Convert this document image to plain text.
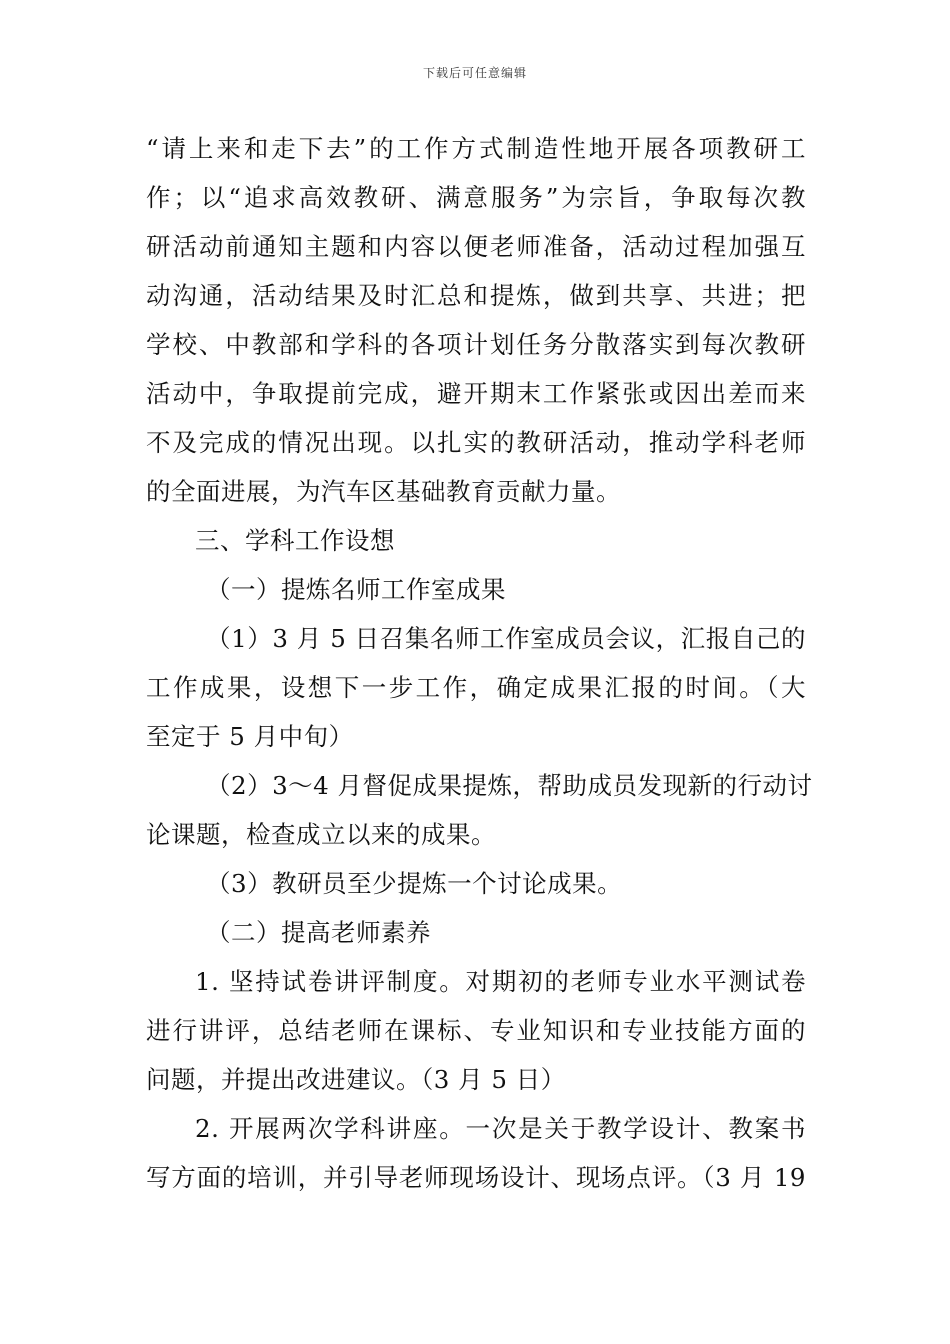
下载后可任意编辑
“请上来和走下去”的工作方式制造性地开展各项教研工
作；以“追求高效教研、满意服务”为宗旨，争取每次教
研活动前通知主题和内容以便老师准备，活动过程加强互
动沟通，活动结果及时汇总和提炼，做到共享、共进；把
学校、中教部和学科的各项计划任务分散落实到每次教研
活动中，争取提前完成，避开期末工作紧张或因出差而来
不及完成的情况出现。以扎实的教研活动，推动学科老师
的全面进展，为汽车区基础教育贡献力量。
三、学科工作设想
（一）提炼名师工作室成果
（1）3 月 5 日召集名师工作室成员会议，汇报自己的
工作成果，设想下一步工作，确定成果汇报的时间。（大
至定于 5 月中旬）
（2）3～4 月督促成果提炼，帮助成员发现新的行动讨
论课题，检查成立以来的成果。
（3）教研员至少提炼一个讨论成果。
（二）提高老师素养
1. 坚持试卷讲评制度。对期初的老师专业水平测试卷
进行讲评，总结老师在课标、专业知识和专业技能方面的
问题，并提出改进建议。（3 月 5 日）
2. 开展两次学科讲座。一次是关于教学设计、教案书
写方面的培训，并引导老师现场设计、现场点评。（3 月 19
